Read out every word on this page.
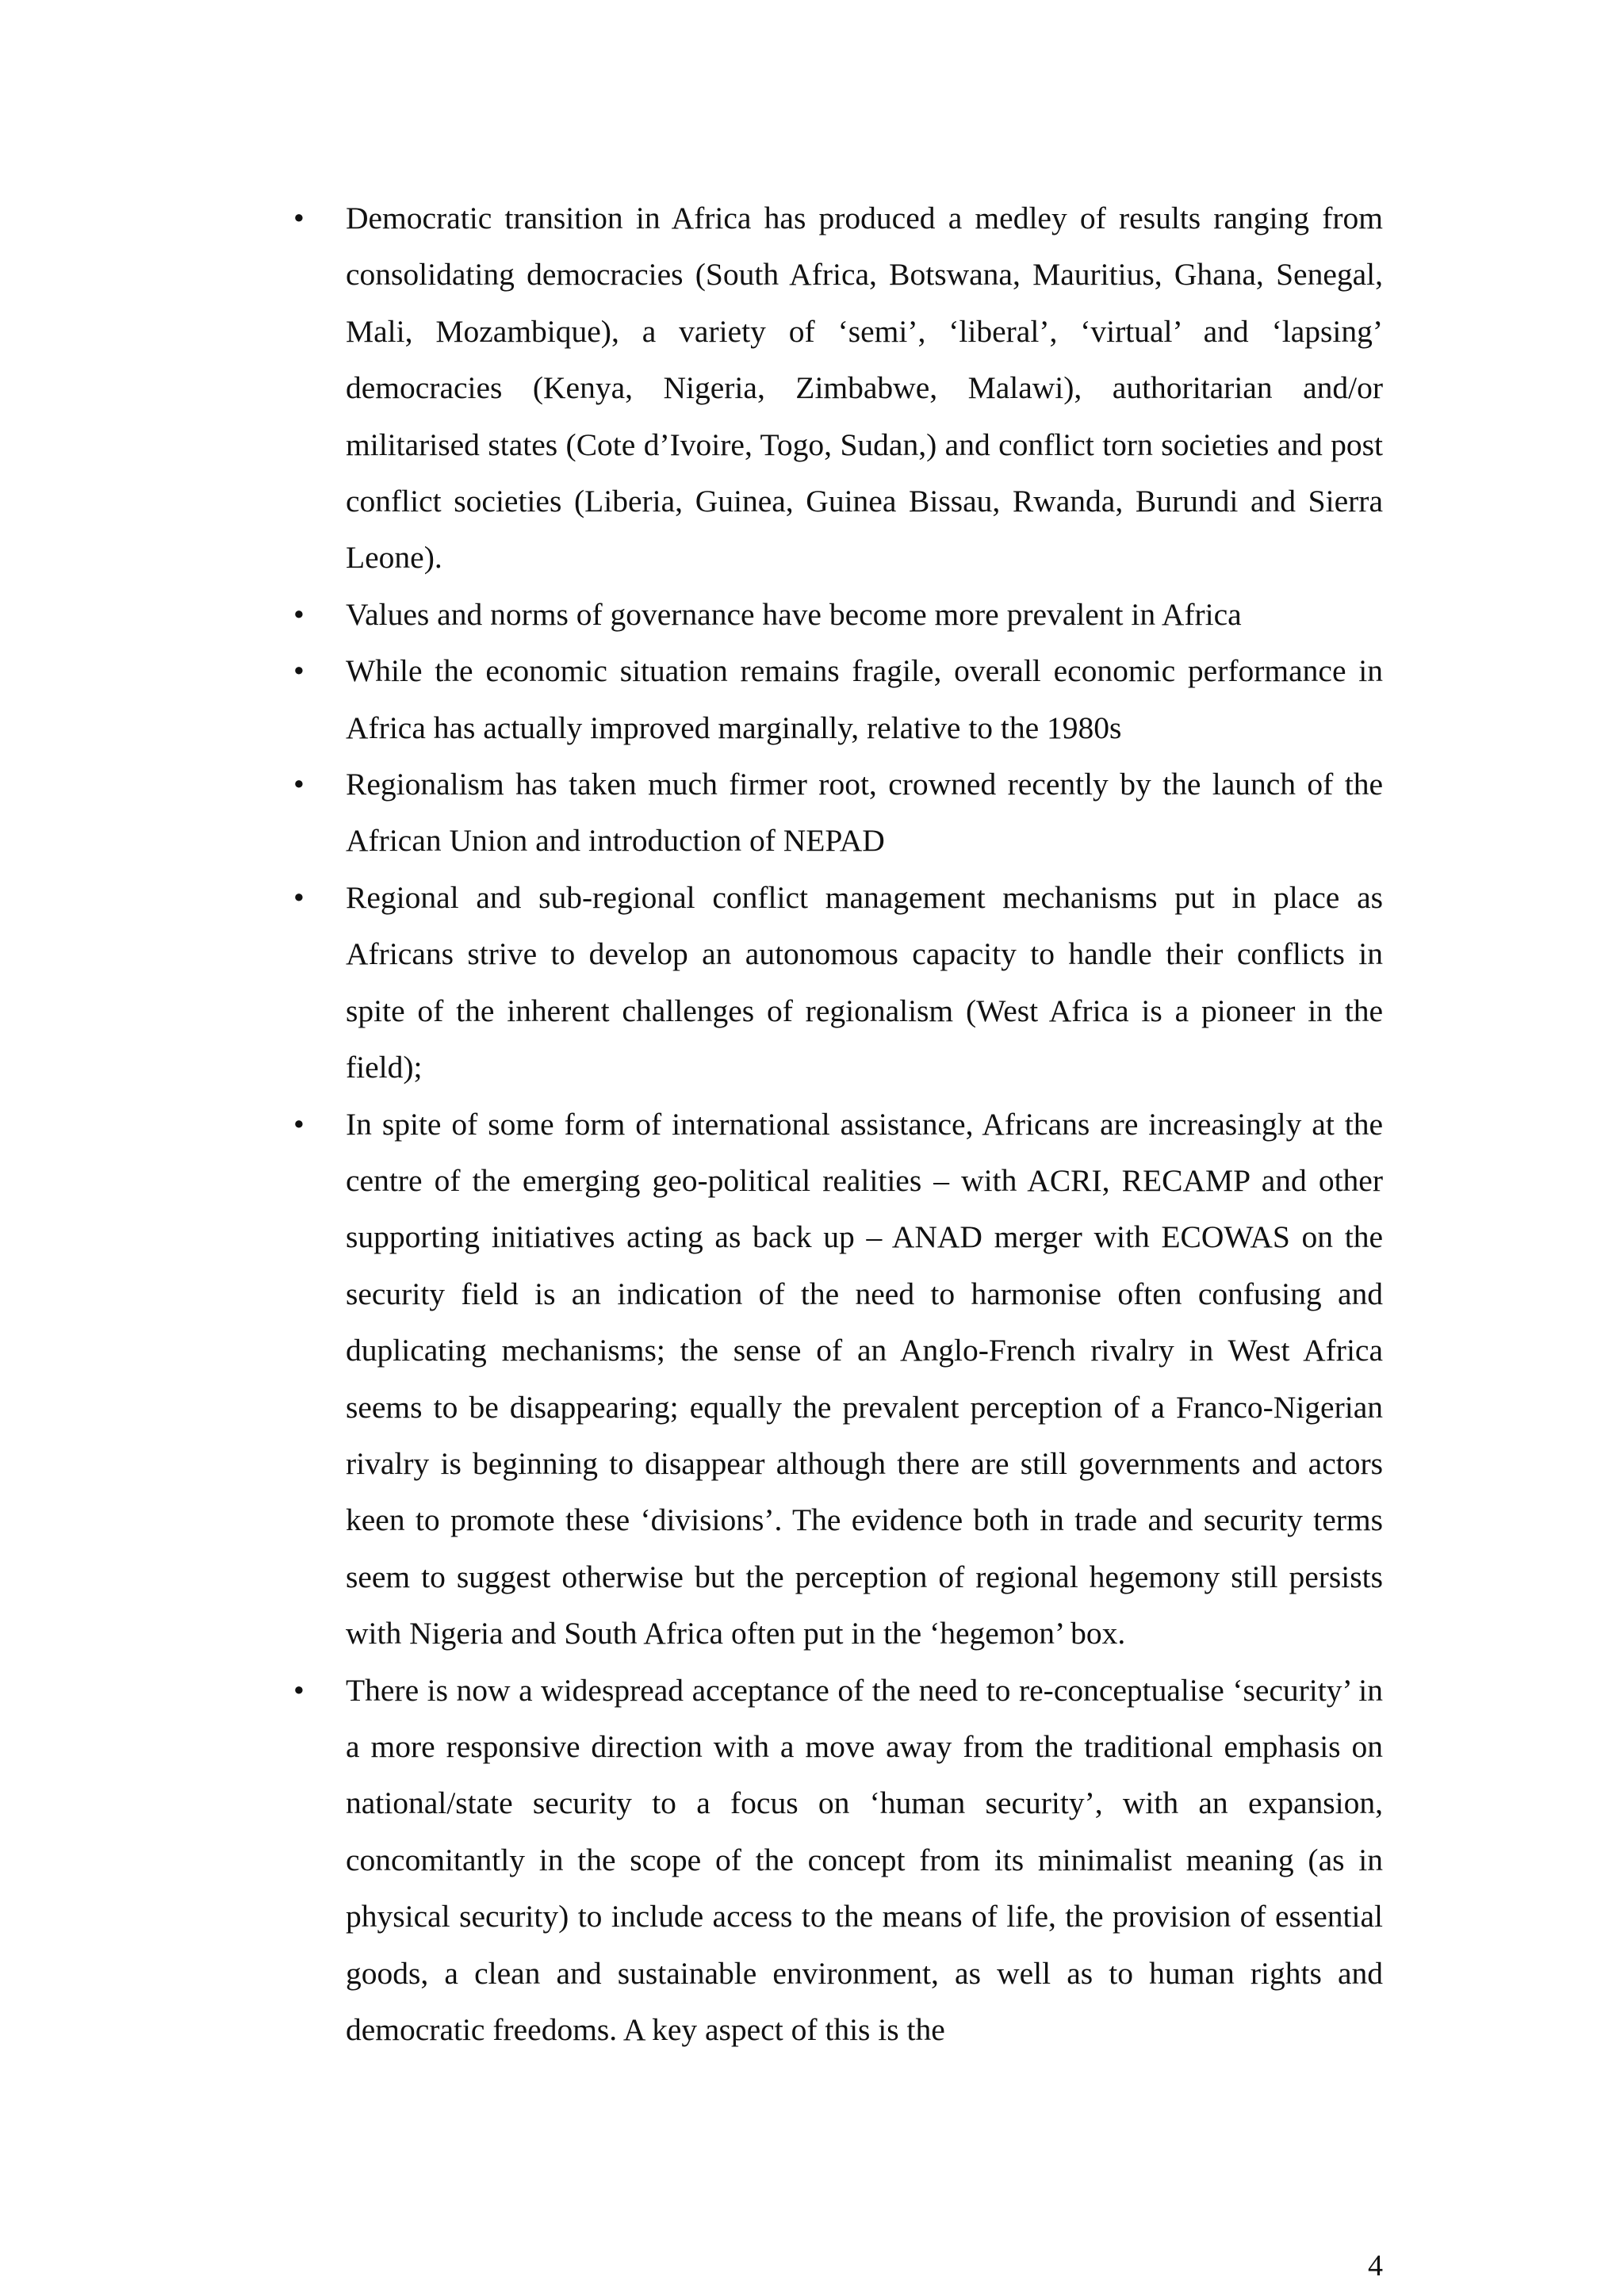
• Democratic transition in Africa has produced a medley of results ranging from consolidating democracies (South Africa, Botswana, Mauritius, Ghana, Senegal, Mali, Mozambique), a variety of ‘semi’, ‘liberal’, ‘virtual’ and ‘lapsing’ democracies (Kenya, Nigeria, Zimbabwe, Malawi), authoritarian and/or militarised states (Cote d’Ivoire, Togo, Sudan,) and conflict torn societies and post conflict societies (Liberia, Guinea, Guinea Bissau, Rwanda, Burundi and Sierra Leone).
• Values and norms of governance have become more prevalent in Africa
• While the economic situation remains fragile, overall economic performance in Africa has actually improved marginally, relative to the 1980s
• Regionalism has taken much firmer root, crowned recently by the launch of the African Union and introduction of NEPAD
• Regional and sub-regional conflict management mechanisms put in place as Africans strive to develop an autonomous capacity to handle their conflicts in spite of the inherent challenges of regionalism (West Africa is a pioneer in the field);
• In spite of some form of international assistance, Africans are increasingly at the centre of the emerging geo-political realities – with ACRI, RECAMP and other supporting initiatives acting as back up – ANAD merger with ECOWAS on the security field is an indication of the need to harmonise often confusing and duplicating mechanisms; the sense of an Anglo-French rivalry in West Africa seems to be disappearing; equally the prevalent perception of a Franco-Nigerian rivalry is beginning to disappear although there are still governments and actors keen to promote these ‘divisions’. The evidence both in trade and security terms seem to suggest otherwise but the perception of regional hegemony still persists with Nigeria and South Africa often put in the ‘hegemon’ box.
• There is now a widespread acceptance of the need to re-conceptualise ‘security’ in a more responsive direction with a move away from the traditional emphasis on national/state security to a focus on ‘human security’, with an expansion, concomitantly in the scope of the concept from its minimalist meaning (as in physical security) to include access to the means of life, the provision of essential goods, a clean and sustainable environment, as well as to human rights and democratic freedoms. A key aspect of this is the
4
